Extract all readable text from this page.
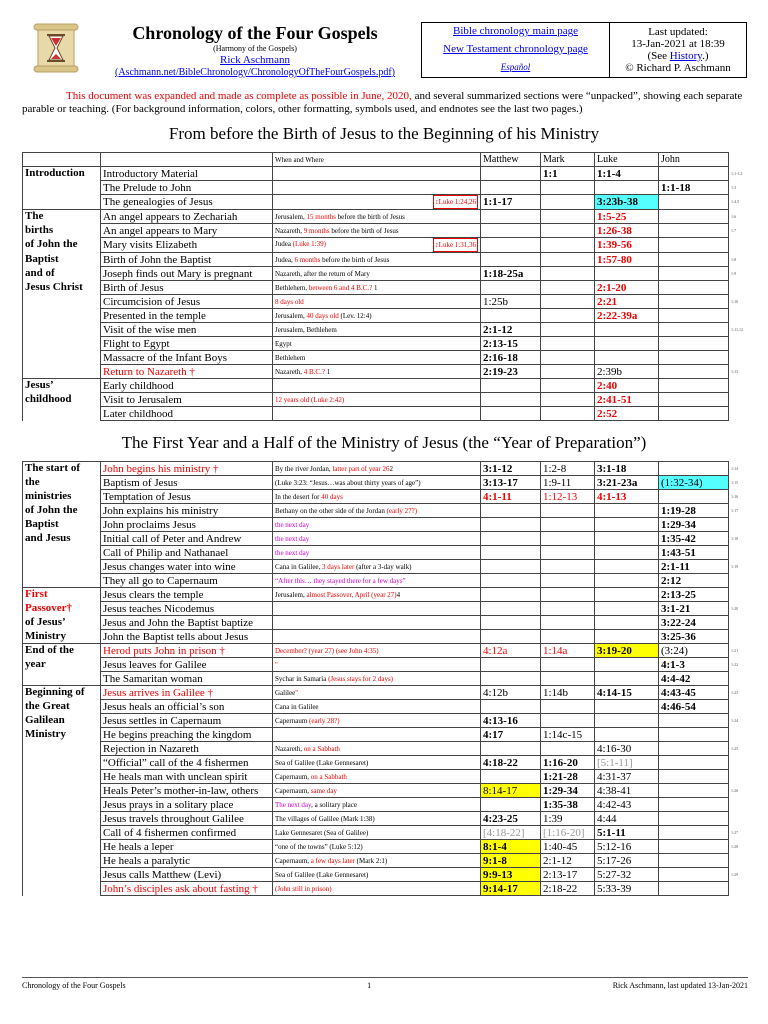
Chronology of the Four Gospels
(Harmony of the Gospels)
Rick Aschmann
(Aschmann.net/BibleChronology/ChronologyOfTheFourGospels.pdf)
Bible chronology main page
New Testament chronology page
Español
Last updated:
13-Jan-2021 at 18:39
(See History.)
© Richard P. Aschmann
This document was expanded and made as complete as possible in June, 2020, and several summarized sections were “unpacked”, showing each separate parable or teaching. (For background information, colors, other formatting, symbols used, and endnotes see the last two pages.)
From before the Birth of Jesus to the Beginning of his Ministry
		When and Where	Matthew	Mark	Luke	John	
Introduction	Introductory Material			1:1	1:1-4		1:1-1,2
	The Prelude to John					1:1-18	1:3
	The genealogies of Jesus	↕Luke 1:24,26	1:1-17		3:23b-38		1:4,5
The	An angel appears to Zechariah	Jerusalem, 15 months before the birth of Jesus			1:5-25		1:6
births	An angel appears to Mary	Nazareth, 9 months before the birth of Jesus			1:26-38		1:7
of John the	Mary visits Elizabeth	Judea (Luke 1:39) ↕Luke 1:31,36			1:39-56		
Baptist	Birth of John the Baptist	Judea, 6 months before the birth of Jesus			1:57-80		1:8
and of	Joseph finds out Mary is pregnant	Nazareth, after the return of Mary	1:18-25a				1:9
Jesus Christ	Birth of Jesus	Bethlehem, between 6 and 4 B.C.? 1			2:1-20		
	Circumcision of Jesus	8 days old	1:25b		2:21		1:10
	Presented in the temple	Jerusalem, 40 days old (Lev. 12:4)			2:22-39a		
	Visit of the wise men	Jerusalem, Bethlehem	2:1-12				1:11,12
	Flight to Egypt	Egypt	2:13-15				
	Massacre of the Infant Boys	Bethlehem	2:16-18				
	Return to Nazareth †	Nazareth, 4 B.C.? 1	2:19-23		2:39b		1:13
Jesus’	Early childhood				2:40		
childhood	Visit to Jerusalem	12 years old (Luke 2:42)			2:41-51		
	Later childhood				2:52		
The First Year and a Half of the Ministry of Jesus (the “Year of Preparation”)
The start of	John begins his ministry †	By the river Jordan, latter part of year 262	3:1-12	1:2-8	3:1-18		1:14
the	Baptism of Jesus	(Luke 3:23: “Jesus…was about thirty years of age”)	3:13-17	1:9-11	3:21-23a	(1:32-34)	1:15
ministries	Temptation of Jesus	In the desert for 40 days	4:1-11	1:12-13	4:1-13		1:16
of John the	John explains his ministry	Bethany on the other side of the Jordan (early 27?)				1:19-28	1:17
Baptist	John proclaims Jesus	the next day				1:29-34	
and Jesus	Initial call of Peter and Andrew	the next day				1:35-42	1:18
	Call of Philip and Nathanael	the next day				1:43-51	
	Jesus changes water into wine	Cana in Galilee, 3 days later (after a 3-day walk)				2:1-11	1:19
	They all go to Capernaum	“After this… they stayed there for a few days”				2:12	
First	Jesus clears the temple	Jerusalem, almost Passover, April (year 27)4				2:13-25	
Passover†	Jesus teaches Nicodemus					3:1-21	1:20
of Jesus’	Jesus and John the Baptist baptize					3:22-24	
Ministry	John the Baptist tells about Jesus					3:25-36	
End of the	Herod puts John in prison †	December? (year 27) (see John 4:35)	4:12a	1:14a	3:19-20	(3:24)	1:21
year	Jesus leaves for Galilee	"				4:1-3	1:22
	The Samaritan woman	Sychar in Samaria (Jesus stays for 2 days)				4:4-42	
Beginning of	Jesus arrives in Galilee †	Galilee"	4:12b	1:14b	4:14-15	4:43-45	1:23
the Great	Jesus heals an official’s son	Cana in Galilee				4:46-54	
Galilean	Jesus settles in Capernaum	Capernaum (early 28?)	4:13-16				1:24
Ministry	He begins preaching the kingdom		4:17	1:14c-15			
	Rejection in Nazareth	Nazareth, on a Sabbath			4:16-30		1:25
	“Official” call of the 4 fishermen	Sea of Galilee (Lake Gennesaret)	4:18-22	1:16-20	[5:1-11]		
	He heals man with unclean spirit	Capernaum, on a Sabbath		1:21-28	4:31-37		
	Heals Peter’s mother-in-law, others	Capernaum, same day	8:14-17	1:29-34	4:38-41		1:26
	Jesus prays in a solitary place	The next day, a solitary place		1:35-38	4:42-43		
	Jesus travels throughout Galilee	The villages of Galilee (Mark 1:38)	4:23-25	1:39	4:44		
	Call of 4 fishermen confirmed	Lake Gennesaret (Sea of Galilee)	[4:18-22]	[1:16-20]	5:1-11		1:27
	He heals a leper	“one of the towns” (Luke 5:12)	8:1-4	1:40-45	5:12-16		1:28
	He heals a paralytic	Capernaum, a few days later (Mark 2:1)	9:1-8	2:1-12	5:17-26		
	Jesus calls Matthew (Levi)	Sea of Galilee (Lake Gennesaret)	9:9-13	2:13-17	5:27-32		1:29
	John’s disciples ask about fasting †	(John still in prison)	9:14-17	2:18-22	5:33-39		
Chronology of the Four Gospels	1	Rick Aschmann, last updated 13-Jan-2021
